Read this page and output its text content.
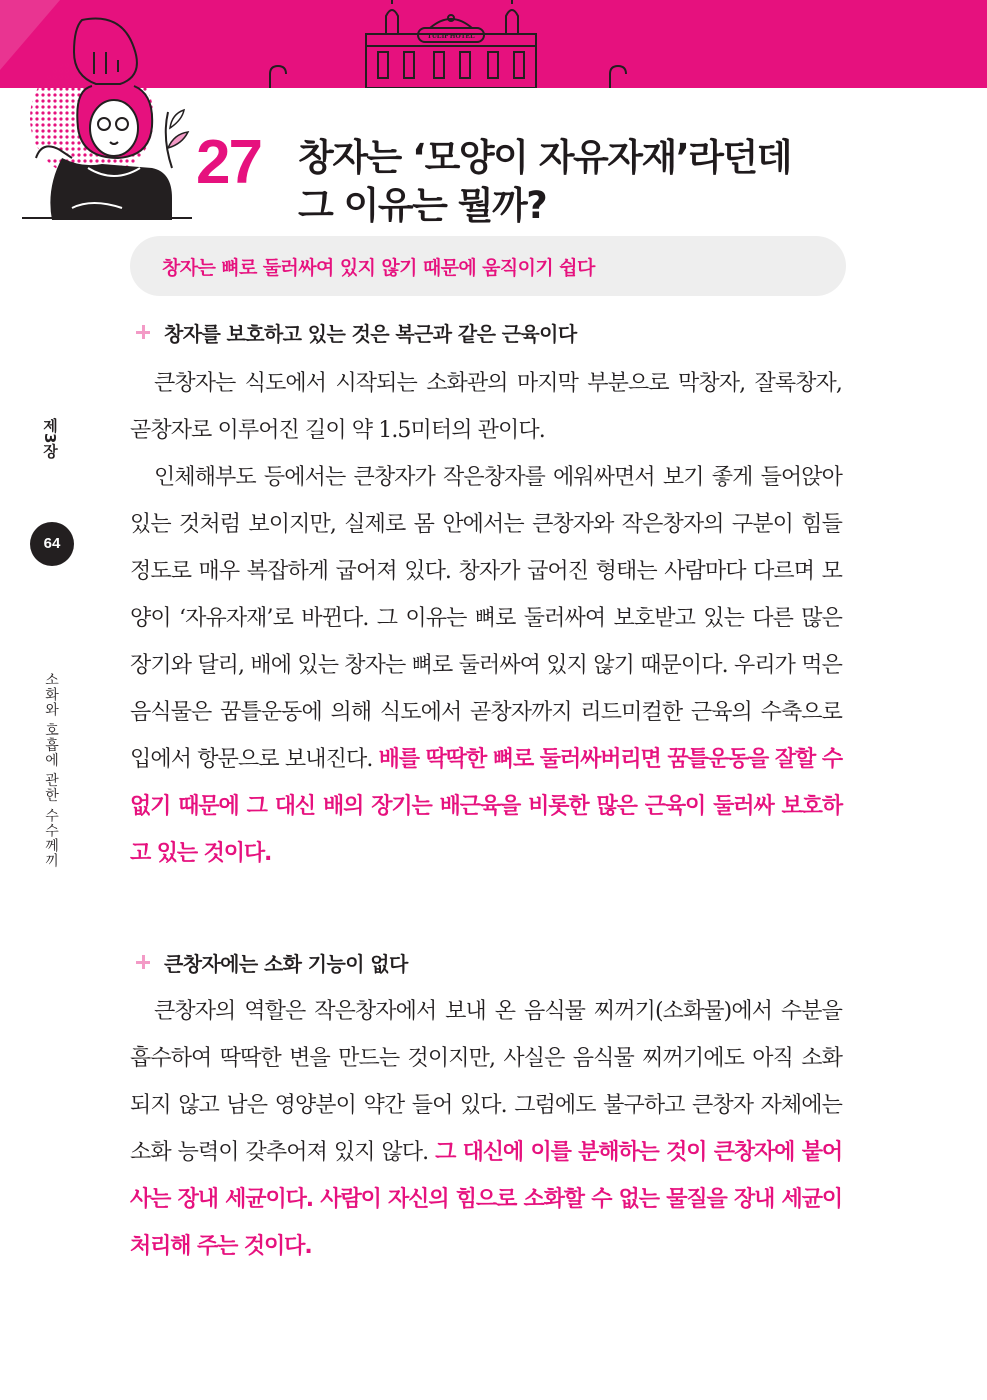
TULIP HOTEL
27 창자는 ‘모양이 자유자재’라던데
그 이유는 뭘까?
창자는 뼈로 둘러싸여 있지 않기 때문에 움직이기 쉽다
제3장
64
소화와 호흡에 관한 수수께끼
창자를 보호하고 있는 것은 복근과 같은 근육이다

큰창자는 식도에서 시작되는 소화관의 마지막 부분으로 막창자, 잘록창자, 곧창자로 이루어진 길이 약 1.5미터의 관이다.

인체해부도 등에서는 큰창자가 작은창자를 에워싸면서 보기 좋게 들어앉아 있는 것처럼 보이지만, 실제로 몸 안에서는 큰창자와 작은창자의 구분이 힘들 정도로 매우 복잡하게 굽어져 있다. 창자가 굽어진 형태는 사람마다 다르며 모양이 ‘자유자재’로 바뀐다. 그 이유는 뼈로 둘러싸여 보호받고 있는 다른 많은 장기와 달리, 배에 있는 창자는 뼈로 둘러싸여 있지 않기 때문이다. 우리가 먹은 음식물은 꿈틀운동에 의해 식도에서 곧창자까지 리드미컬한 근육의 수축으로 입에서 항문으로 보내진다. 배를 딱딱한 뼈로 둘러싸버리면 꿈틀운동을 잘할 수 없기 때문에 그 대신 배의 장기는 배근육을 비롯한 많은 근육이 둘러싸 보호하고 있는 것이다.

큰창자에는 소화 기능이 없다

큰창자의 역할은 작은창자에서 보내 온 음식물 찌꺼기(소화물)에서 수분을 흡수하여 딱딱한 변을 만드는 것이지만, 사실은 음식물 찌꺼기에도 아직 소화되지 않고 남은 영양분이 약간 들어 있다. 그럼에도 불구하고 큰창자 자체에는 소화 능력이 갖추어져 있지 않다. 그 대신에 이를 분해하는 것이 큰창자에 붙어 사는 장내 세균이다. 사람이 자신의 힘으로 소화할 수 없는 물질을 장내 세균이 처리해 주는 것이다.
